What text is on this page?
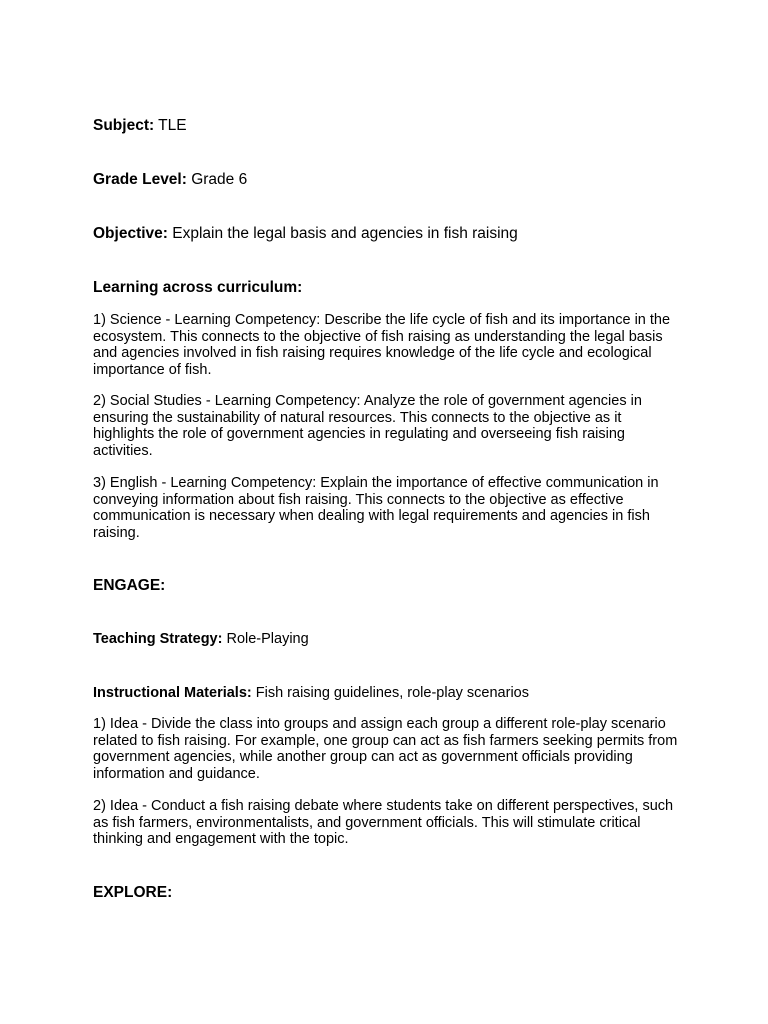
Subject: TLE

Grade Level: Grade 6

Objective: Explain the legal basis and agencies in fish raising

Learning across curriculum:

1) Science - Learning Competency: Describe the life cycle of fish and its importance in the ecosystem. This connects to the objective of fish raising as understanding the legal basis and agencies involved in fish raising requires knowledge of the life cycle and ecological importance of fish.

2) Social Studies - Learning Competency: Analyze the role of government agencies in ensuring the sustainability of natural resources. This connects to the objective as it highlights the role of government agencies in regulating and overseeing fish raising activities.

3) English - Learning Competency: Explain the importance of effective communication in conveying information about fish raising. This connects to the objective as effective communication is necessary when dealing with legal requirements and agencies in fish raising.

ENGAGE:

Teaching Strategy: Role-Playing

Instructional Materials: Fish raising guidelines, role-play scenarios

1) Idea - Divide the class into groups and assign each group a different role-play scenario related to fish raising. For example, one group can act as fish farmers seeking permits from government agencies, while another group can act as government officials providing information and guidance.

2) Idea - Conduct a fish raising debate where students take on different perspectives, such as fish farmers, environmentalists, and government officials. This will stimulate critical thinking and engagement with the topic.

EXPLORE:
